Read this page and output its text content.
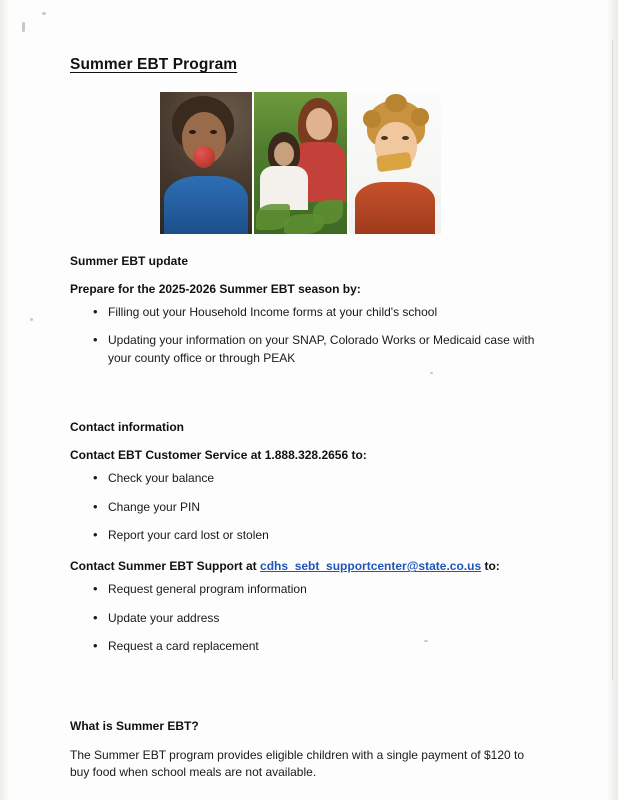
Summer EBT Program

Summer EBT update

Prepare for the 2025-2026 Summer EBT season by:

• Filling out your Household Income forms at your child's school
• Updating your information on your SNAP, Colorado Works or Medicaid case with your county office or through PEAK

Contact information

Contact EBT Customer Service at 1.888.328.2656 to:

• Check your balance
• Change your PIN
• Report your card lost or stolen

Contact Summer EBT Support at cdhs_sebt_supportcenter@state.co.us to:

• Request general program information
• Update your address
• Request a card replacement

What is Summer EBT?

The Summer EBT program provides eligible children with a single payment of $120 to buy food when school meals are not available.
